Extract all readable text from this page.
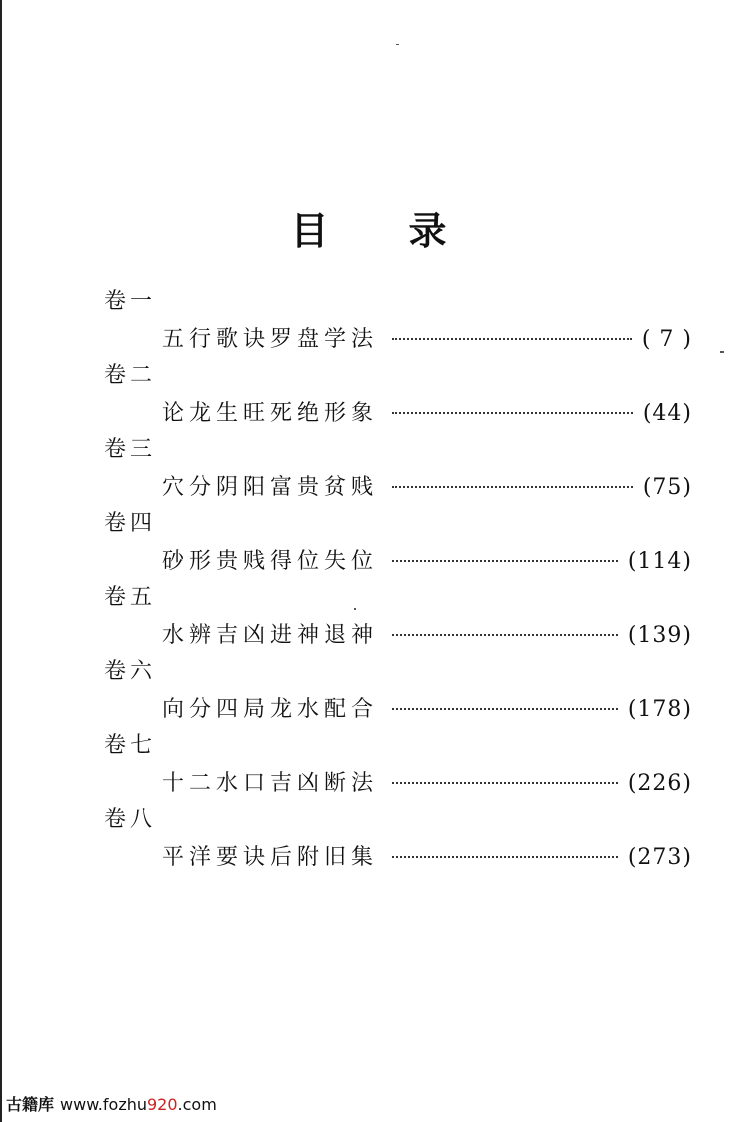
目 录
卷一
五行歌诀罗盘学法	( 7 )
卷二
论龙生旺死绝形象	(44)
卷三
穴分阴阳富贵贫贱	(75)
卷四
砂形贵贱得位失位	(114)
卷五
水辨吉凶进神退神	(139)
卷六
向分四局龙水配合	(178)
卷七
十二水口吉凶断法	(226)
卷八
平洋要诀后附旧集	(273)
古籍库 www.fozhu920.com
